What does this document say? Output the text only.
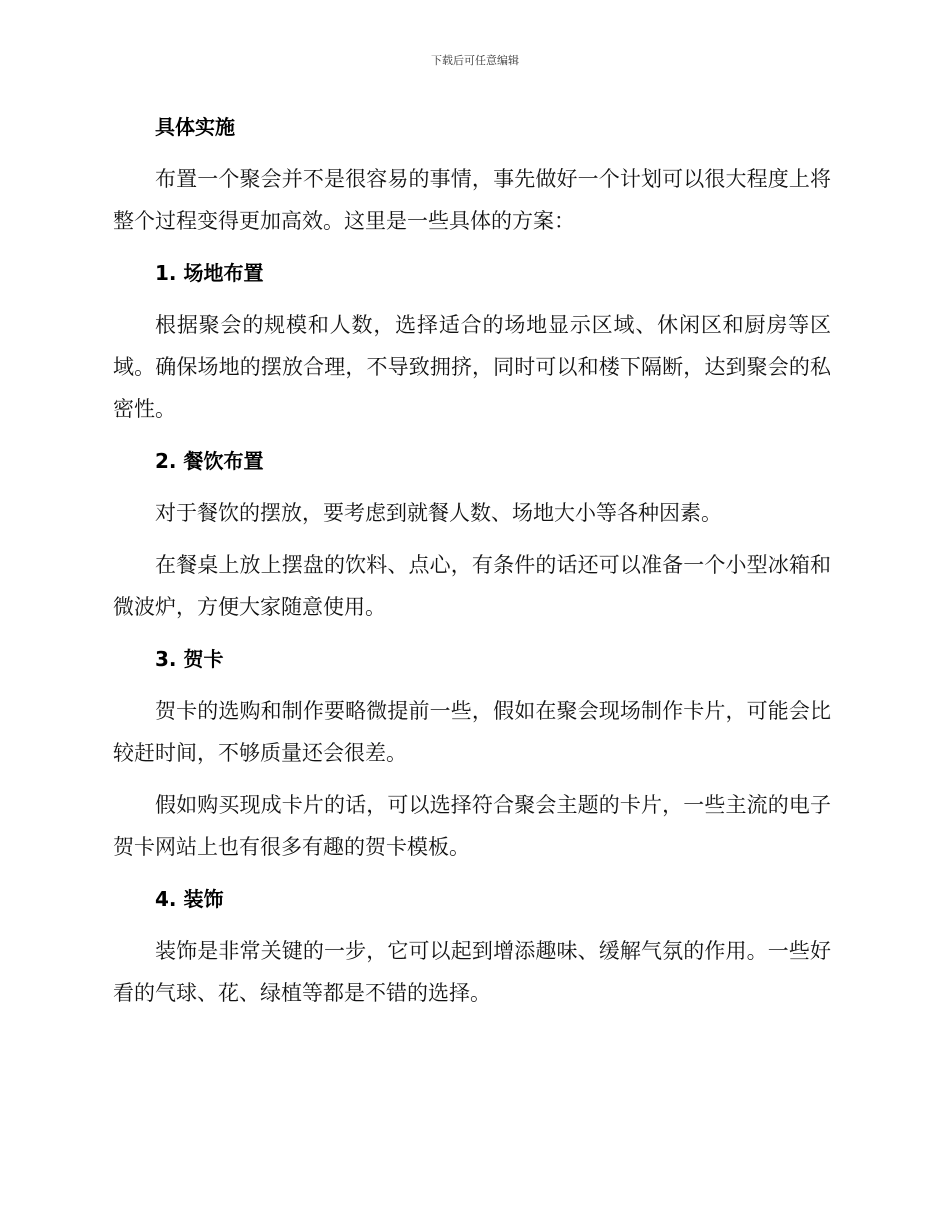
下载后可任意编辑
具体实施

布置一个聚会并不是很容易的事情，事先做好一个计划可以很大程度上将整个过程变得更加高效。这里是一些具体的方案：

1. 场地布置

根据聚会的规模和人数，选择适合的场地显示区域、休闲区和厨房等区域。确保场地的摆放合理，不导致拥挤，同时可以和楼下隔断，达到聚会的私密性。

2. 餐饮布置

对于餐饮的摆放，要考虑到就餐人数、场地大小等各种因素。

在餐桌上放上摆盘的饮料、点心，有条件的话还可以准备一个小型冰箱和微波炉，方便大家随意使用。

3. 贺卡

贺卡的选购和制作要略微提前一些，假如在聚会现场制作卡片，可能会比较赶时间，不够质量还会很差。

假如购买现成卡片的话，可以选择符合聚会主题的卡片，一些主流的电子贺卡网站上也有很多有趣的贺卡模板。

4. 装饰

装饰是非常关键的一步，它可以起到增添趣味、缓解气氛的作用。一些好看的气球、花、绿植等都是不错的选择。
